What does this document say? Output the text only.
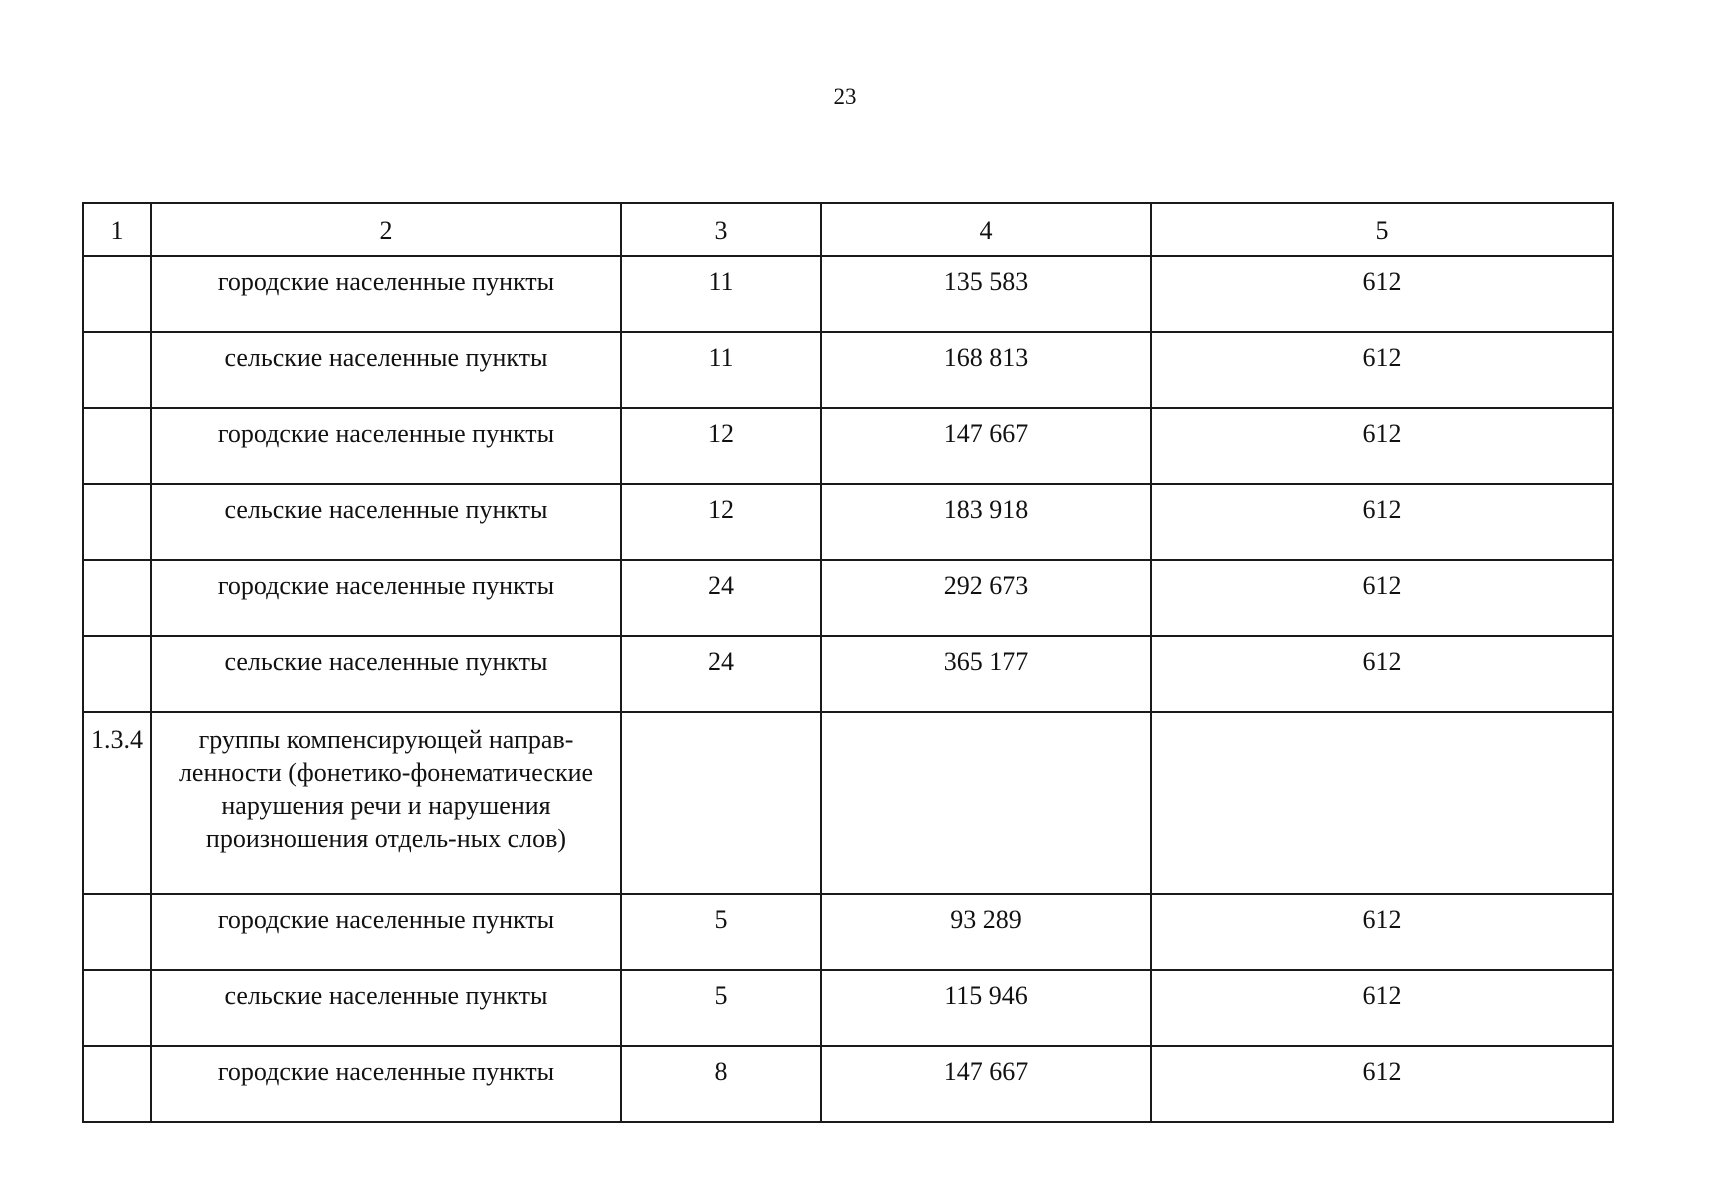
23
1	2	3	4	5
	городские населенные пункты	11	135 583	612
	сельские населенные пункты	11	168 813	612
	городские населенные пункты	12	147 667	612
	сельские населенные пункты	12	183 918	612
	городские населенные пункты	24	292 673	612
	сельские населенные пункты	24	365 177	612
1.3.4	группы компенсирующей направ-ленности (фонетико-фонематические нарушения речи и нарушения произношения отдель-ных слов)			
	городские населенные пункты	5	93 289	612
	сельские населенные пункты	5	115 946	612
	городские населенные пункты	8	147 667	612
